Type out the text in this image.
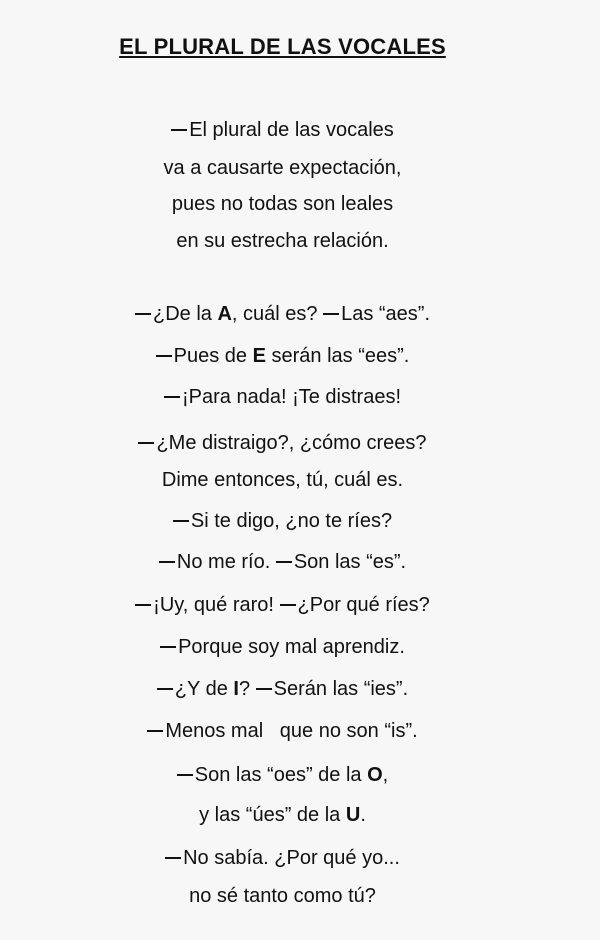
EL PLURAL DE LAS VOCALES
El plural de las vocales
va a causarte expectación,
pues no todas son leales
en su estrecha relación.
¿De la A, cuál es? Las “aes”.
Pues de E serán las “ees”.
¡Para nada! ¡Te distraes!
¿Me distraigo?, ¿cómo crees?
Dime entonces, tú, cuál es.
Si te digo, ¿no te ríes?
No me río. Son las “es”.
¡Uy, qué raro! ¿Por qué ríes?
Porque soy mal aprendiz.
¿Y de I? Serán las “ies”.
Menos mal   que no son “is”.
Son las “oes” de la O,
y las “úes” de la U.
No sabía. ¿Por qué yo...
no sé tanto como tú?
